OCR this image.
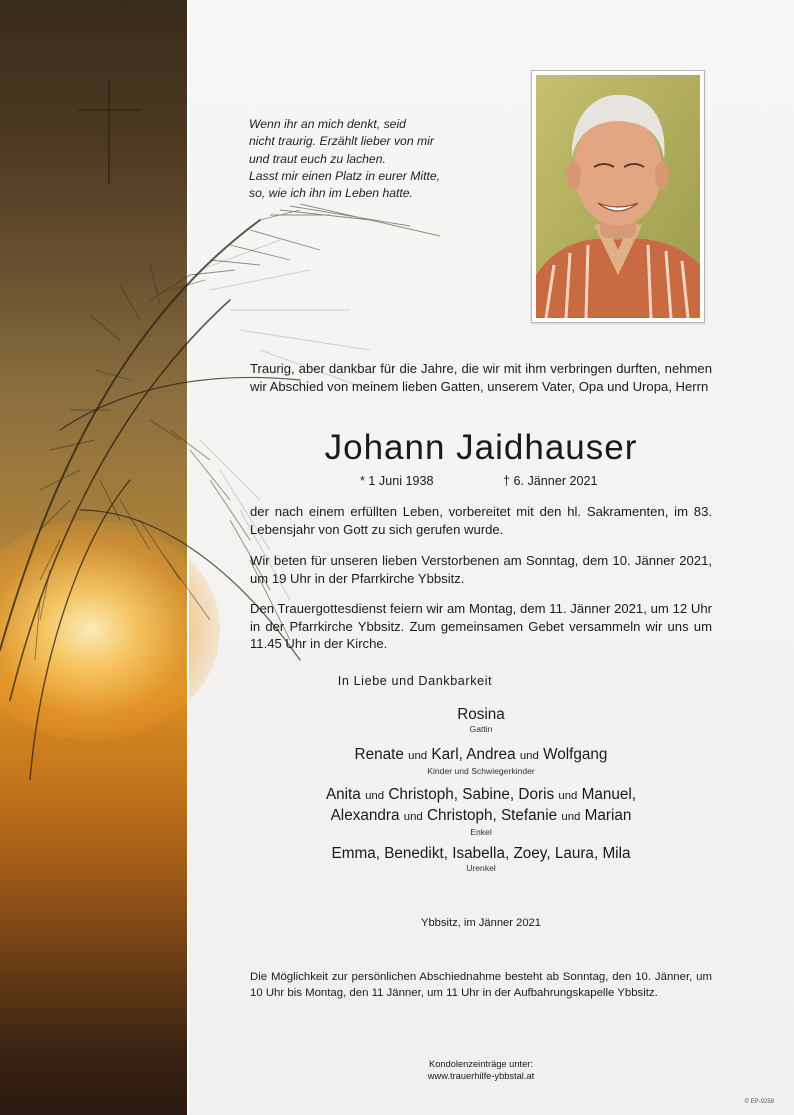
Wenn ihr an mich denkt, seid
nicht traurig. Erzählt lieber von mir
und traut euch zu lachen.
Lasst mir einen Platz in eurer Mitte,
so, wie ich ihn im Leben hatte.
Traurig, aber dankbar für die Jahre, die wir mit ihm verbringen durften, nehmen wir Abschied von meinem lieben Gatten, unserem Vater, Opa und Uropa, Herrn
Johann Jaidhauser
* 1 Juni 1938	† 6. Jänner 2021
der nach einem erfüllten Leben, vorbereitet mit den hl. Sakramenten, im 83. Lebensjahr von Gott zu sich gerufen wurde.
Wir beten für unseren lieben Verstorbenen am Sonntag, dem 10. Jänner 2021, um 19 Uhr in der Pfarrkirche Ybbsitz.
Den Trauergottesdienst feiern wir am Montag, dem 11. Jänner 2021, um 12 Uhr in der Pfarrkirche Ybbsitz. Zum gemeinsamen Gebet versammeln wir uns um 11.45 Uhr in der Kirche.
In Liebe und Dankbarkeit
Rosina
Gattin
Renate und Karl, Andrea und Wolfgang
Kinder und Schwiegerkinder
Anita und Christoph, Sabine, Doris und Manuel,
Alexandra und Christoph, Stefanie und Marian
Enkel
Emma, Benedikt, Isabella, Zoey, Laura, Mila
Urenkel
Ybbsitz, im Jänner 2021
Die Möglichkeit zur persönlichen Abschiednahme besteht ab Sonntag, den 10. Jänner, um 10 Uhr bis Montag, den 11 Jänner, um 11 Uhr in der Aufbahrungskapelle Ybbsitz.
Kondolenzeinträge unter:
www.trauerhilfe-ybbstal.at
© EP-9258
